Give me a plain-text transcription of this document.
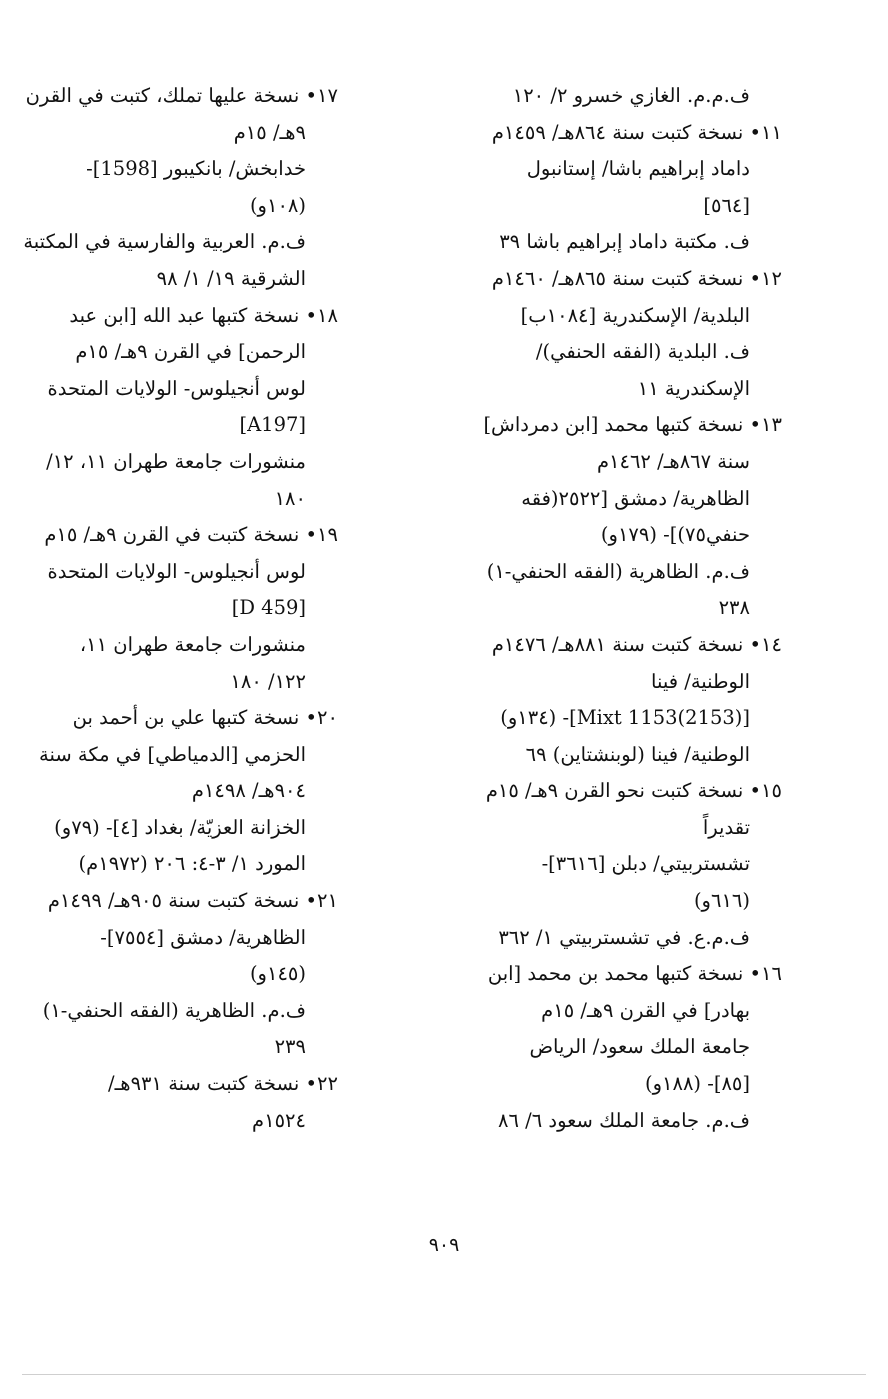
ف.م.م. الغازي خسرو ٢/ ١٢٠
١١• نسخة كتبت سنة ٨٦٤هـ/ ١٤٥٩م
داماد إبراهيم باشا/ إستانبول
[٥٦٤]
ف. مكتبة داماد إبراهيم باشا ٣٩
١٢• نسخة كتبت سنة ٨٦٥هـ/ ١٤٦٠م
البلدية/ الإسكندرية [١٠٨٤ب]
ف. البلدية (الفقه الحنفي)/
الإسكندرية ١١
١٣• نسخة كتبها محمد [ابن دمرداش]
سنة ٨٦٧هـ/ ١٤٦٢م
الظاهرية/ دمشق [٢٥٢٢(فقه
حنفي٧٥)]- (١٧٩و)
ف.م. الظاهرية (الفقه الحنفي-١)
٢٣٨
١٤• نسخة كتبت سنة ٨٨١هـ/ ١٤٧٦م
الوطنية/ فينا
[Mixt 1153(2153)]- (١٣٤و)
الوطنية/ فينا (لوبنشتاين) ٦٩
١٥• نسخة كتبت نحو القرن ٩هـ/ ١٥م
تقديراً
تشستربيتي/ دبلن [٣٦١٦]-
(٦١٦و)
ف.م.ع. في تشستربيتي ١/ ٣٦٢
١٦• نسخة كتبها محمد بن محمد [ابن
بهادر] في القرن ٩هـ/ ١٥م
جامعة الملك سعود/ الرياض
[٨٥]- (١٨٨و)
ف.م. جامعة الملك سعود ٦/ ٨٦
١٧• نسخة عليها تملك، كتبت في القرن
٩هـ/ ١٥م
خدابخش/ بانكيبور [1598]-
(١٠٨و)
ف.م. العربية والفارسية في المكتبة
الشرقية ١٩/ ١/ ٩٨
١٨• نسخة كتبها عبد الله [ابن عبد
الرحمن] في القرن ٩هـ/ ١٥م
لوس أنجيلوس- الولايات المتحدة
[A197]
منشورات جامعة طهران ١١، ١٢/
١٨٠
١٩• نسخة كتبت في القرن ٩هـ/ ١٥م
لوس أنجيلوس- الولايات المتحدة
[D 459]
منشورات جامعة طهران ١١،
١٢٢/ ١٨٠
٢٠• نسخة كتبها علي بن أحمد بن
الحزمي [الدمياطي] في مكة سنة
٩٠٤هـ/ ١٤٩٨م
الخزانة العزيّة/ بغداد [٤]- (٧٩و)
المورد ١/ ٣-٤: ٢٠٦ (١٩٧٢م)
٢١• نسخة كتبت سنة ٩٠٥هـ/ ١٤٩٩م
الظاهرية/ دمشق [٧٥٥٤]-
(١٤٥و)
ف.م. الظاهرية (الفقه الحنفي-١)
٢٣٩
٢٢• نسخة كتبت سنة ٩٣١هـ/
١٥٢٤م
٩٠٩
